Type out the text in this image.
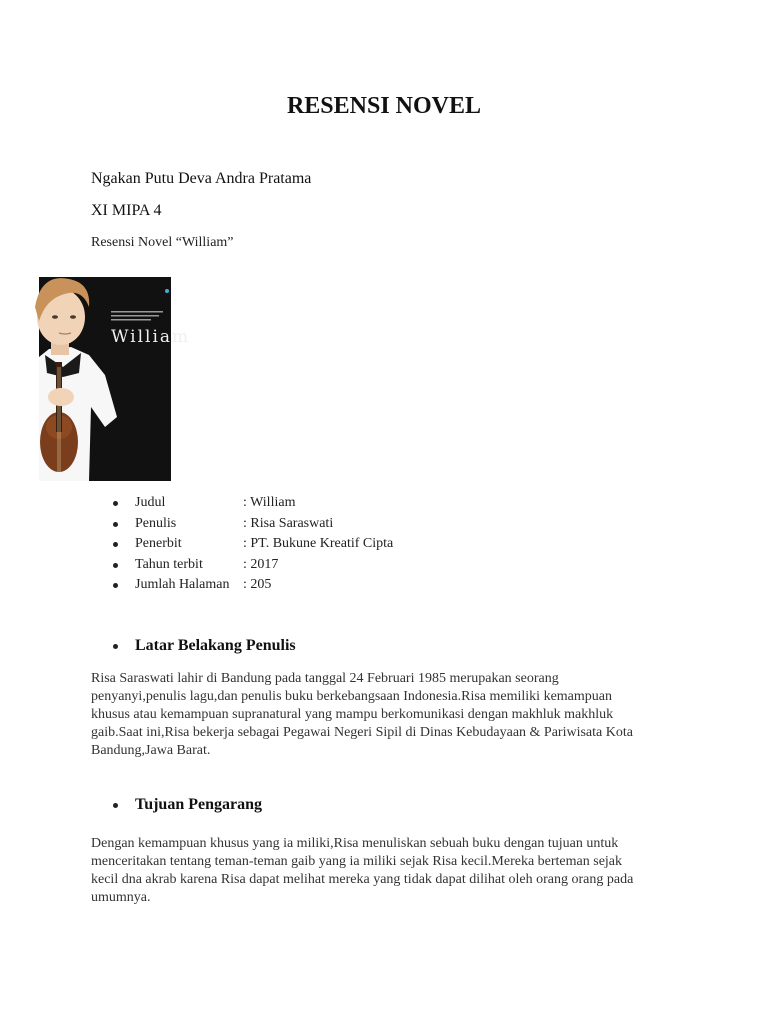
RESENSI NOVEL

Ngakan Putu Deva Andra Pratama

XI MIPA 4

Resensi Novel “William”

William
Judul	: William
Penulis	: Risa Saraswati
Penerbit	: PT. Bukune Kreatif Cipta
Tahun terbit	: 2017
Jumlah Halaman : 205
Latar Belakang Penulis

Risa Saraswati lahir di Bandung pada tanggal 24 Februari 1985 merupakan seorang
penyanyi,penulis lagu,dan penulis buku berkebangsaan Indonesia.Risa memiliki kemampuan
khusus atau kemampuan supranatural yang mampu berkomunikasi dengan makhluk makhluk
gaib.Saat ini,Risa bekerja sebagai Pegawai Negeri Sipil di Dinas Kebudayaan & Pariwisata Kota
Bandung,Jawa Barat.

Tujuan Pengarang

Dengan kemampuan khusus yang ia miliki,Risa menuliskan sebuah buku dengan tujuan untuk
menceritakan tentang teman-teman gaib yang ia miliki sejak Risa kecil.Mereka berteman sejak
kecil dna akrab karena Risa dapat melihat mereka yang tidak dapat dilihat oleh orang orang pada
umumnya.
